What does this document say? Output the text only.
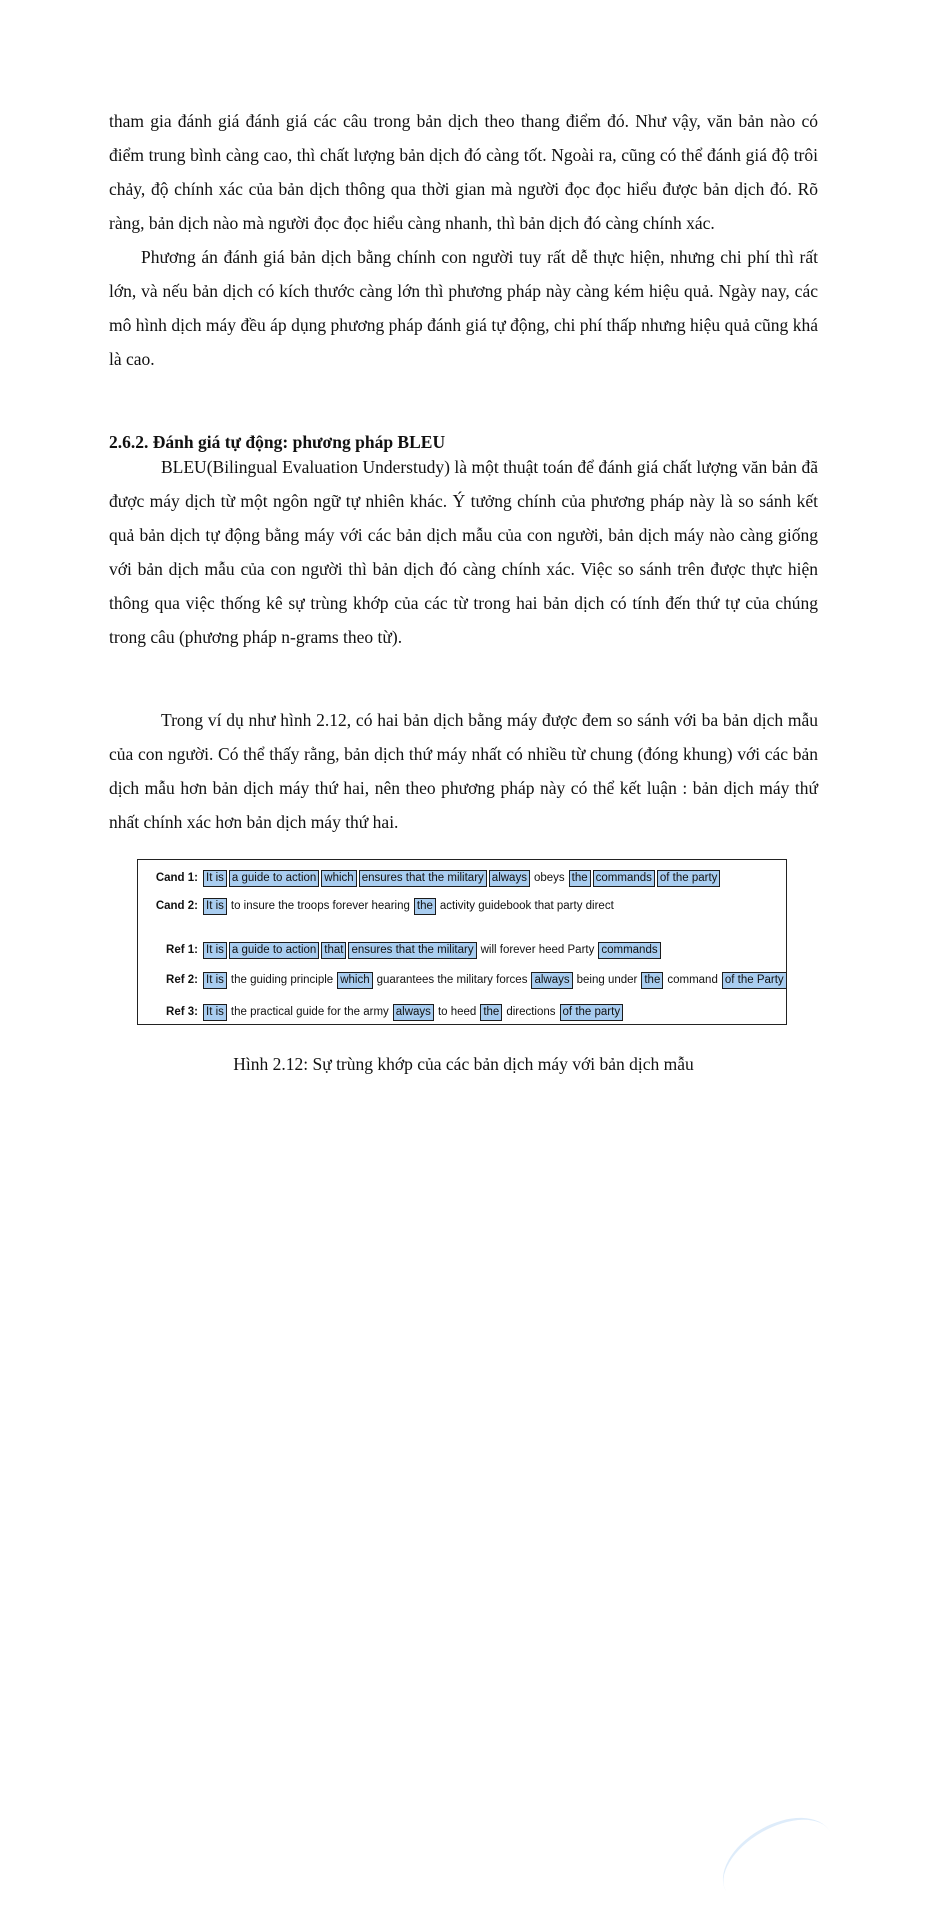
tham gia đánh giá đánh giá các câu trong bản dịch theo thang điểm đó. Như vậy, văn bản nào có điểm trung bình càng cao, thì chất lượng bản dịch đó càng tốt. Ngoài ra, cũng có thể đánh giá độ trôi chảy, độ chính xác của bản dịch thông qua thời gian mà người đọc đọc hiểu được bản dịch đó. Rõ ràng, bản dịch nào mà người đọc đọc hiểu càng nhanh, thì bản dịch đó càng chính xác.

Phương án đánh giá bản dịch bằng chính con người tuy rất dễ thực hiện, nhưng chi phí thì rất lớn, và nếu bản dịch có kích thước càng lớn thì phương pháp này càng kém hiệu quả. Ngày nay, các mô hình dịch máy đều áp dụng phương pháp đánh giá tự động, chi phí thấp nhưng hiệu quả cũng khá là cao.

2.6.2. Đánh giá tự động: phương pháp BLEU

BLEU(Bilingual Evaluation Understudy) là một thuật toán để đánh giá chất lượng văn bản đã được máy dịch từ một ngôn ngữ tự nhiên khác. Ý tưởng chính của phương pháp này là so sánh kết quả bản dịch tự động bằng máy với các bản dịch mẫu của con người, bản dịch máy nào càng giống với bản dịch mẫu của con người thì bản dịch đó càng chính xác. Việc so sánh trên được thực hiện thông qua việc thống kê sự trùng khớp của các từ trong hai bản dịch có tính đến thứ tự của chúng trong câu (phương pháp n-grams theo từ).

Trong ví dụ như hình 2.12, có hai bản dịch bằng máy được đem so sánh với ba bản dịch mẫu của con người. Có thể thấy rằng, bản dịch thứ máy nhất có nhiều từ chung (đóng khung) với các bản dịch mẫu hơn bản dịch máy thứ hai, nên theo phương pháp này có thể kết luận : bản dịch máy thứ nhất chính xác hơn bản dịch máy thứ hai.

Cand 1: It is a guide to action which ensures that the military always obeys the commands of the party
Cand 2: It is to insure the troops forever hearing the activity guidebook that party direct
Ref 1: It is a guide to action that ensures that the military will forever heed Party commands
Ref 2: It is the guiding principle which guarantees the military forces always being under the command of the Party
Ref 3: It is the practical guide for the army always to heed the directions of the party
Hình 2.12: Sự trùng khớp của các bản dịch máy với bản dịch mẫu
